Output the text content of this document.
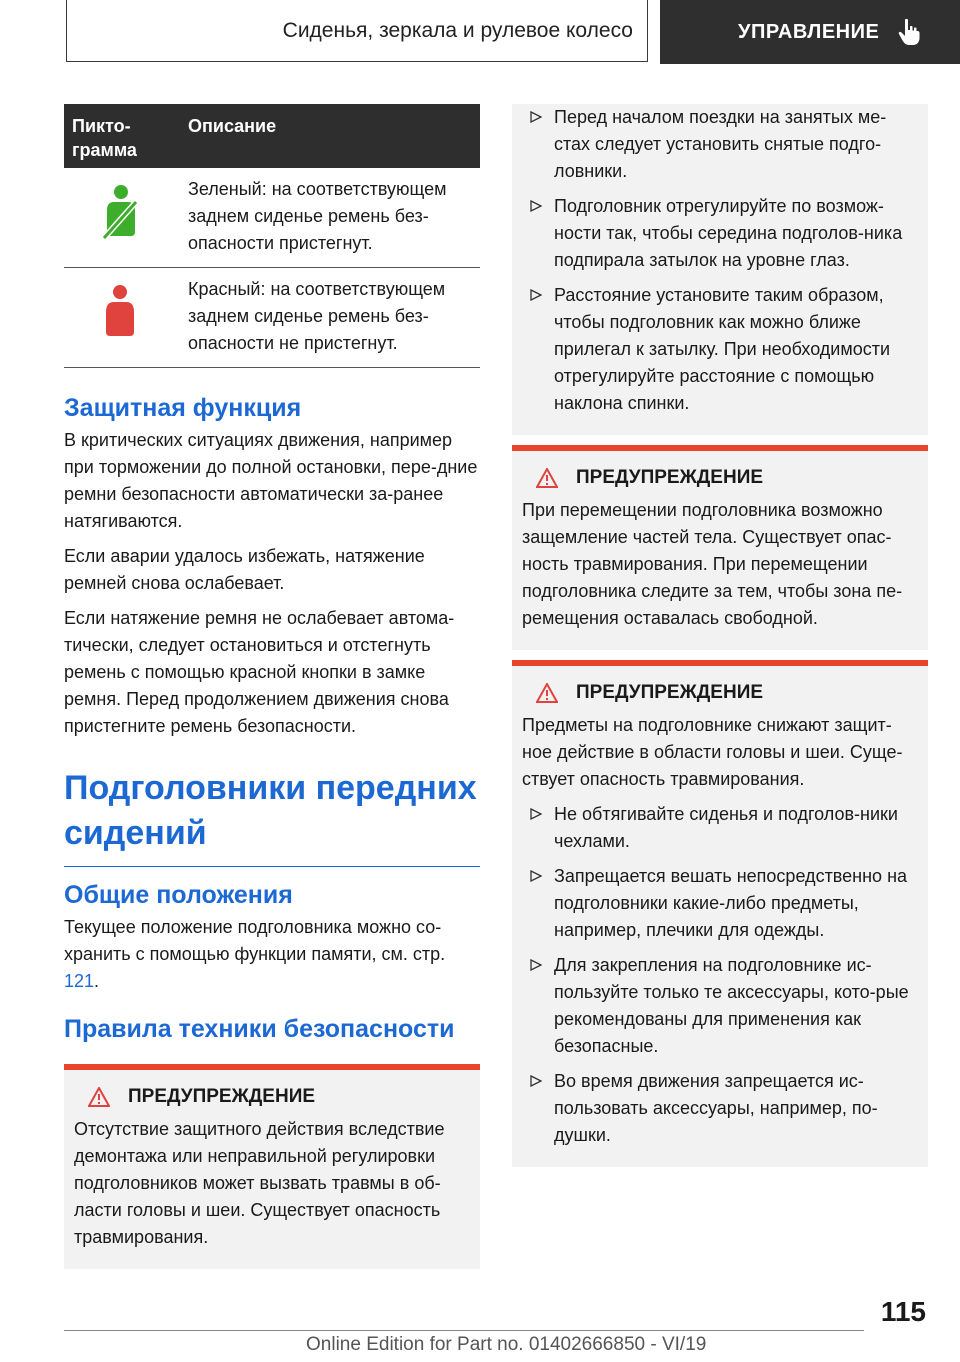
Сиденья, зеркала и рулевое колесо	УПРАВЛЕНИЕ
Пикто-грамма
Описание
Зеленый: на соответствующем заднем сиденье ремень без-опасности пристегнут.
Красный: на соответствующем заднем сиденье ремень без-опасности не пристегнут.
Защитная функция

В критических ситуациях движения, например при торможении до полной остановки, пере-дние ремни безопасности автоматически за-ранее натягиваются.

Если аварии удалось избежать, натяжение ремней снова ослабевает.

Если натяжение ремня не ослабевает автома-тически, следует остановиться и отстегнуть ремень с помощью красной кнопки в замке ремня. Перед продолжением движения снова пристегните ремень безопасности.

Подголовники передних сидений
Общие положения

Текущее положение подголовника можно со-хранить с помощью функции памяти, см. стр. 121.

Правила техники безопасности
ПРЕДУПРЕЖДЕНИЕ

Отсутствие защитного действия вследствие демонтажа или неправильной регулировки подголовников может вызвать травмы в об-ласти головы и шеи. Существует опасность травмирования.

Перед началом поездки на занятых ме-стах следует установить снятые подго-ловники.
Подголовник отрегулируйте по возмож-ности так, чтобы середина подголов-ника подпирала затылок на уровне глаз.
Расстояние установите таким образом, чтобы подголовник как можно ближе прилегал к затылку. При необходимости отрегулируйте расстояние с помощью наклона спинки.
ПРЕДУПРЕЖДЕНИЕ

При перемещении подголовника возможно защемление частей тела. Существует опас-ность травмирования. При перемещении подголовника следите за тем, чтобы зона пе-ремещения оставалась свободной.

ПРЕДУПРЕЖДЕНИЕ

Предметы на подголовнике снижают защит-ное действие в области головы и шеи. Суще-ствует опасность травмирования.

Не обтягивайте сиденья и подголов-ники чехлами.
Запрещается вешать непосредственно на подголовники какие-либо предметы, например, плечики для одежды.
Для закрепления на подголовнике ис-пользуйте только те аксессуары, кото-рые рекомендованы для применения как безопасные.
Во время движения запрещается ис-пользовать аксессуары, например, по-душки.
115
Online Edition for Part no. 01402666850 - VI/19
